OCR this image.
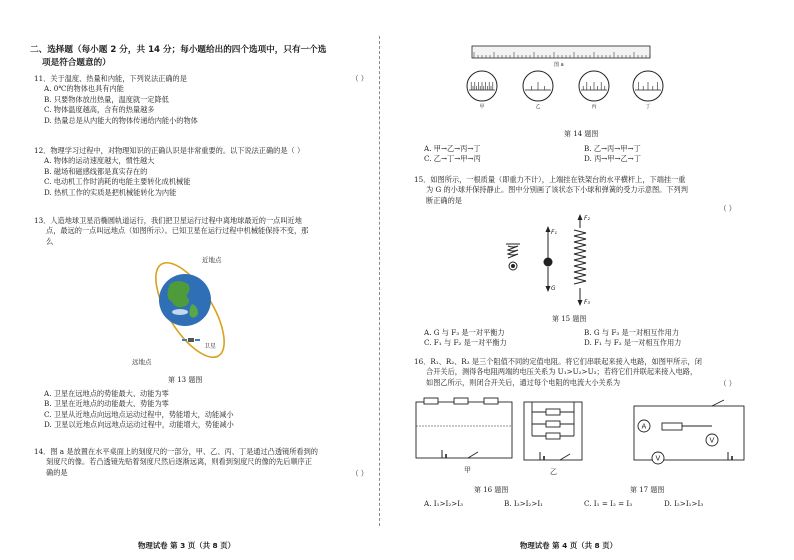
二、选择题（每小题 2 分，共 14 分；每小题给出的四个选项中，只有一个选
项是符合题意的）
11．关于温度、热量和内能，下列说法正确的是	（ ）
A. 0℃的物体也具有内能
B. 只要物体放出热量，温度就一定降低
C. 物体温度越高，含有的热量越多
D. 热量总是从内能大的物体传递给内能小的物体
12．物理学习过程中，对物理知识的正确认识是非常重要的。以下说法正确的是（ ）
A. 物体的运动速度越大，惯性越大
B. 磁场和磁感线都是真实存在的
C. 电动机工作时消耗的电能主要转化成机械能
D. 热机工作的实质是把机械能转化为内能
13．人造地球卫星沿椭圆轨道运行，我们把卫星运行过程中离地球最近的一点叫近地
点，最远的一点叫远地点（如图所示）。已知卫星在运行过程中机械能保持不变，那
么
近地点
远地点
卫星
第 13 题图
A. 卫星在远地点的势能最大、动能为零
B. 卫星在近地点的动能最大、势能为零
C. 卫星从近地点向远地点运动过程中，势能增大，动能减小
D. 卫星以近地点向远地点运动过程中，动能增大，势能减小
14．图 a 是放置在水平桌面上的刻度尺的一部分，甲、乙、丙、丁是通过凸透镜所看到的
刻度尺的像。若凸透镜先贴着刻度尺然后逐渐远离，则看到刻度尺的像的先后顺序正
确的是	（ ）
物理试卷 第 3 页（共 8 页）
图 a
甲	乙	丙	丁
第 14 题图
A. 甲→乙→丙→丁	B. 乙→丙→甲→丁
C. 乙→丁→甲→丙	D. 丙→甲→乙→丁
15．如图所示，一根质量（即重力不计），上端挂在铁架台的水平横杆上，下端挂一重
为 G 的小球并保持静止。图中分别画了该状态下小球和弹簧的受力示意图。下列判
断正确的是
（ ）
F₁
G
F₂
F₃
第 15 题图
A. G 与 F₃ 是一对平衡力	B. G 与 F₃ 是一对相互作用力
C. F₁ 与 F₂ 是一对平衡力	D. F₁ 与 F₂ 是一对相互作用力
16．R₁、R₂、R₃ 是三个阻值不同的定值电阻。将它们串联起来接入电路，如图甲所示，闭
合开关后，测得各电阻两端的电压关系为 U₁>U₂>U₃；若将它们并联起来接入电路，
如图乙所示，则闭合开关后，通过每个电阻的电流大小关系为	（ ）
甲	乙
A
V
V
第 16 题图	第 17 题图
A. I₁>I₂>I₃	B. I₃>I₂>I₁	C. I₁ = I₂ = I₃	D. I₂>I₁>I₃
物理试卷 第 4 页（共 8 页）
